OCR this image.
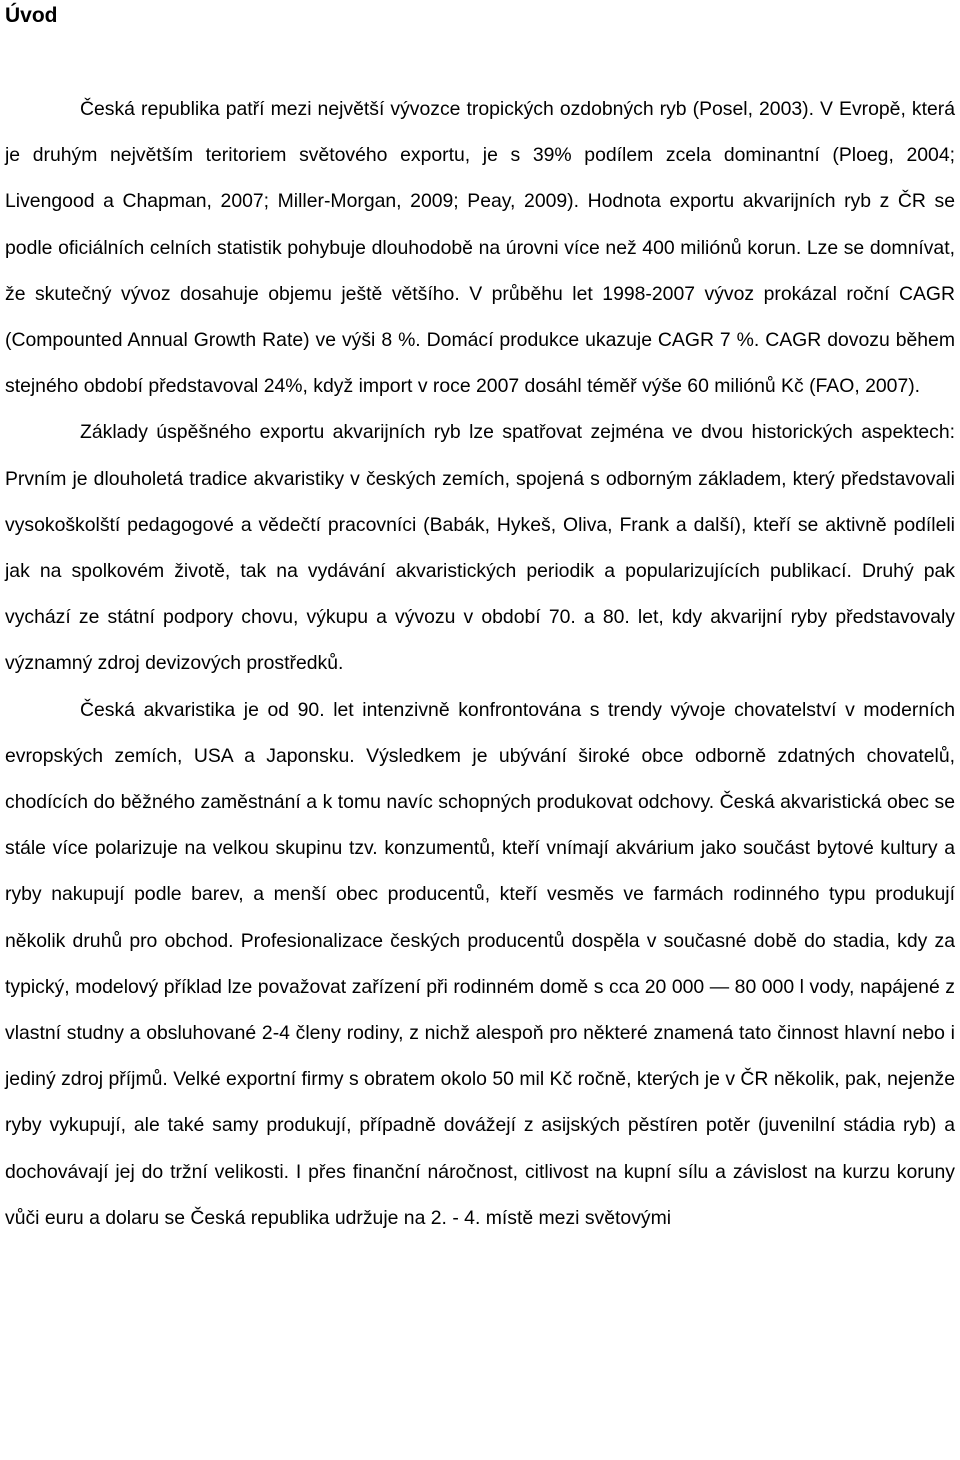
Úvod

Česká republika patří mezi největší vývozce tropických ozdobných ryb (Posel, 2003). V Evropě, která je druhým největším teritoriem světového exportu, je s 39% podílem zcela dominantní (Ploeg, 2004; Livengood a Chapman, 2007; Miller-Morgan, 2009; Peay, 2009). Hodnota exportu akvarijních ryb z ČR se podle oficiálních celních statistik pohybuje dlouhodobě na úrovni více než 400 miliónů korun. Lze se domnívat, že skutečný vývoz dosahuje objemu ještě většího. V průběhu let 1998-2007 vývoz prokázal roční CAGR (Compounted Annual Growth Rate) ve výši 8 %. Domácí produkce ukazuje CAGR 7 %. CAGR dovozu během stejného období představoval 24%, když import v roce 2007 dosáhl téměř výše 60 miliónů Kč (FAO, 2007).

Základy úspěšného exportu akvarijních ryb lze spatřovat zejména ve dvou historických aspektech: Prvním je dlouholetá tradice akvaristiky v českých zemích, spojená s odborným základem, který představovali vysokoškolští pedagogové a vědečtí pracovníci (Babák, Hykeš, Oliva, Frank a další), kteří se aktivně podíleli jak na spolkovém životě, tak na vydávání akvaristických periodik a popularizujících publikací. Druhý pak vychází ze státní podpory chovu, výkupu a vývozu v období 70. a 80. let, kdy akvarijní ryby představovaly významný zdroj devizových prostředků.

Česká akvaristika je od 90. let intenzivně konfrontována s trendy vývoje chovatelství v moderních evropských zemích, USA a Japonsku. Výsledkem je ubývání široké obce odborně zdatných chovatelů, chodících do běžného zaměstnání a k tomu navíc schopných produkovat odchovy. Česká akvaristická obec se stále více polarizuje na velkou skupinu tzv. konzumentů, kteří vnímají akvárium jako součást bytové kultury a ryby nakupují podle barev, a menší obec producentů, kteří vesměs ve farmách rodinného typu produkují několik druhů pro obchod. Profesionalizace českých producentů dospěla v současné době do stadia, kdy za typický, modelový příklad lze považovat zařízení při rodinném domě s cca 20 000 — 80 000 l vody, napájené z vlastní studny a obsluhované 2-4 členy rodiny, z nichž alespoň pro některé znamená tato činnost hlavní nebo i jediný zdroj příjmů. Velké exportní firmy s obratem okolo 50 mil Kč ročně, kterých je v ČR několik, pak, nejenže ryby vykupují, ale také samy produkují, případně dovážejí z asijských pěstíren potěr (juvenilní stádia ryb) a dochovávají jej do tržní velikosti. I přes finanční náročnost, citlivost na kupní sílu a závislost na kurzu koruny vůči euru a dolaru se Česká republika udržuje na 2. - 4. místě mezi světovými
